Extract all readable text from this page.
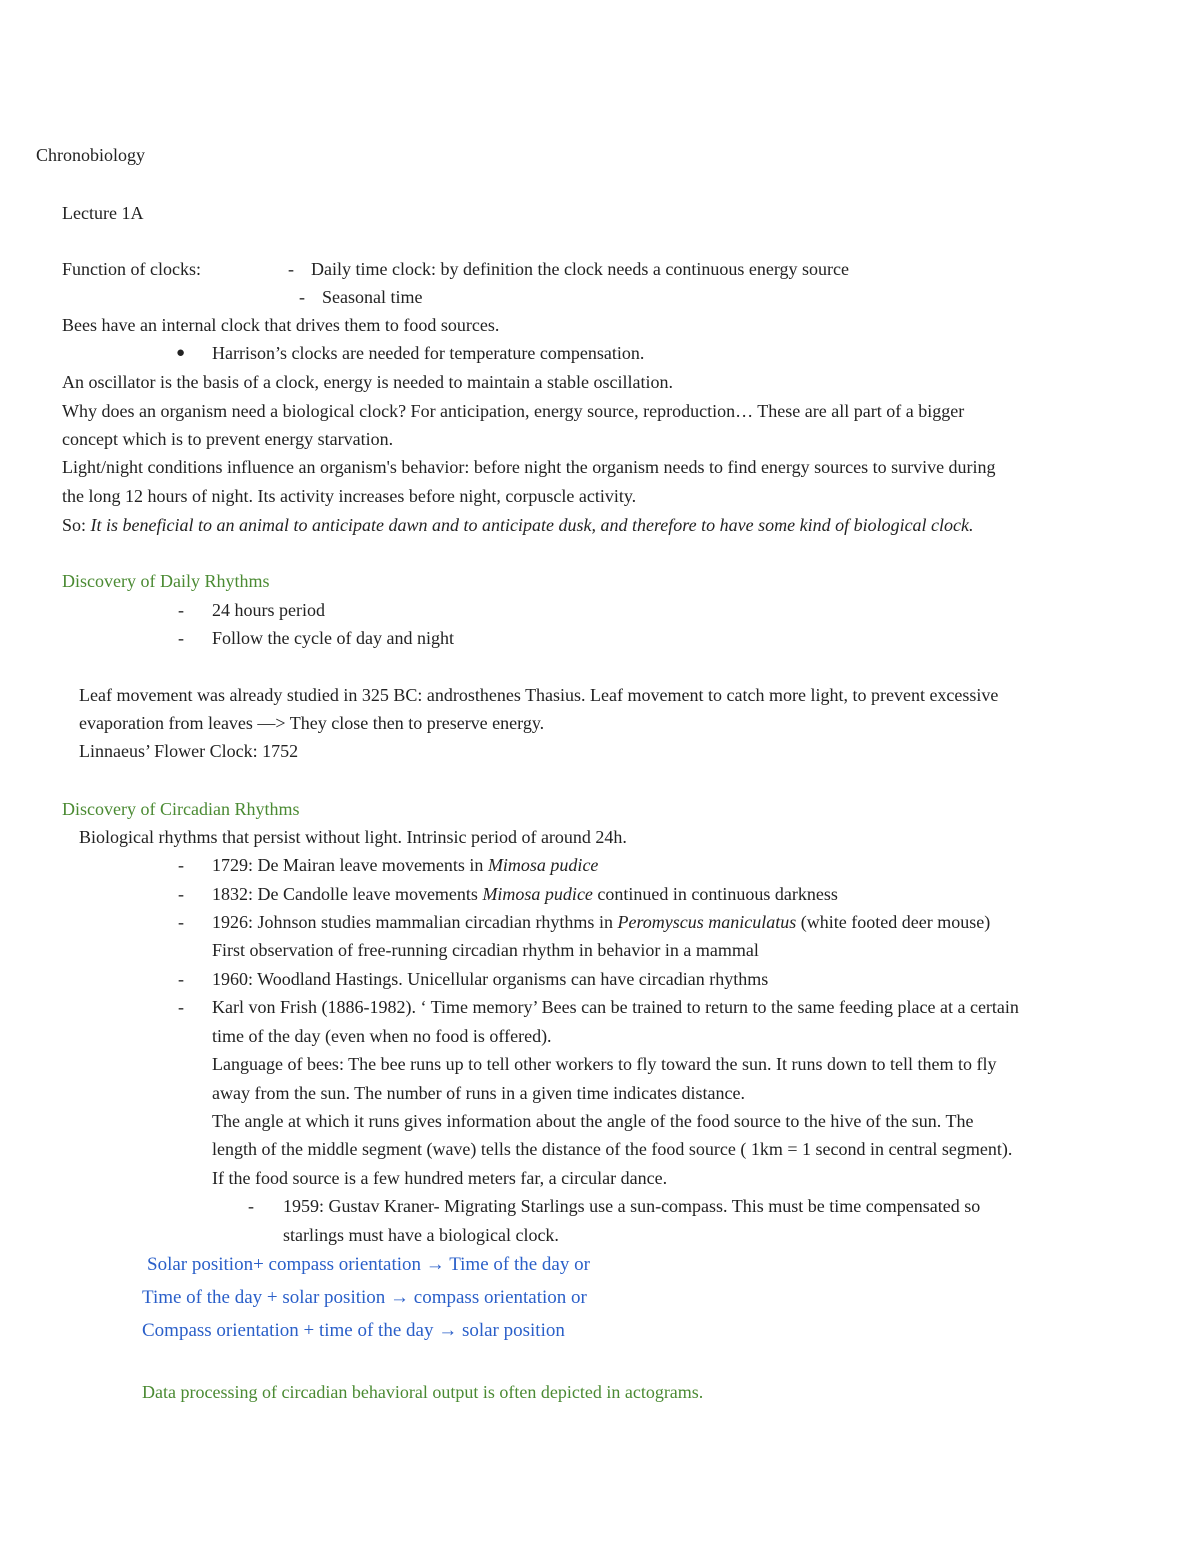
Chronobiology
Lecture 1A
Function of clocks:	- Daily time clock: by definition the clock needs a continuous energy source
- Seasonal time
Bees have an internal clock that drives them to food sources.
● Harrison’s clocks are needed for temperature compensation.
An oscillator is the basis of a clock, energy is needed to maintain a stable oscillation.
Why does an organism need a biological clock? For anticipation, energy source, reproduction… These are all part of a bigger
concept which is to prevent energy starvation.
Light/night conditions influence an organism's behavior: before night the organism needs to find energy sources to survive during
the long 12 hours of night. Its activity increases before night, corpuscle activity.
So: It is beneficial to an animal to anticipate dawn and to anticipate dusk, and therefore to have some kind of biological clock.
Discovery of Daily Rhythms
- 24 hours period
- Follow the cycle of day and night
Leaf movement was already studied in 325 BC: androsthenes Thasius. Leaf movement to catch more light, to prevent excessive
evaporation from leaves —> They close then to preserve energy.
Linnaeus’ Flower Clock: 1752
Discovery of Circadian Rhythms
Biological rhythms that persist without light. Intrinsic period of around 24h.
- 1729: De Mairan leave movements in Mimosa pudice
- 1832: De Candolle leave movements Mimosa pudice continued in continuous darkness
- 1926: Johnson studies mammalian circadian rhythms in Peromyscus maniculatus (white footed deer mouse)
First observation of free-running circadian rhythm in behavior in a mammal
- 1960: Woodland Hastings. Unicellular organisms can have circadian rhythms
- Karl von Frish (1886-1982). ‘ Time memory’ Bees can be trained to return to the same feeding place at a certain
time of the day (even when no food is offered).
Language of bees: The bee runs up to tell other workers to fly toward the sun. It runs down to tell them to fly
away from the sun. The number of runs in a given time indicates distance.
The angle at which it runs gives information about the angle of the food source to the hive of the sun. The
length of the middle segment (wave) tells the distance of the food source ( 1km = 1 second in central segment).
If the food source is a few hundred meters far, a circular dance.
- 1959: Gustav Kraner- Migrating Starlings use a sun-compass. This must be time compensated so
starlings must have a biological clock.
Solar position+ compass orientation → Time of the day or
Time of the day + solar position → compass orientation or
Compass orientation + time of the day → solar position
Data processing of circadian behavioral output is often depicted in actograms.
